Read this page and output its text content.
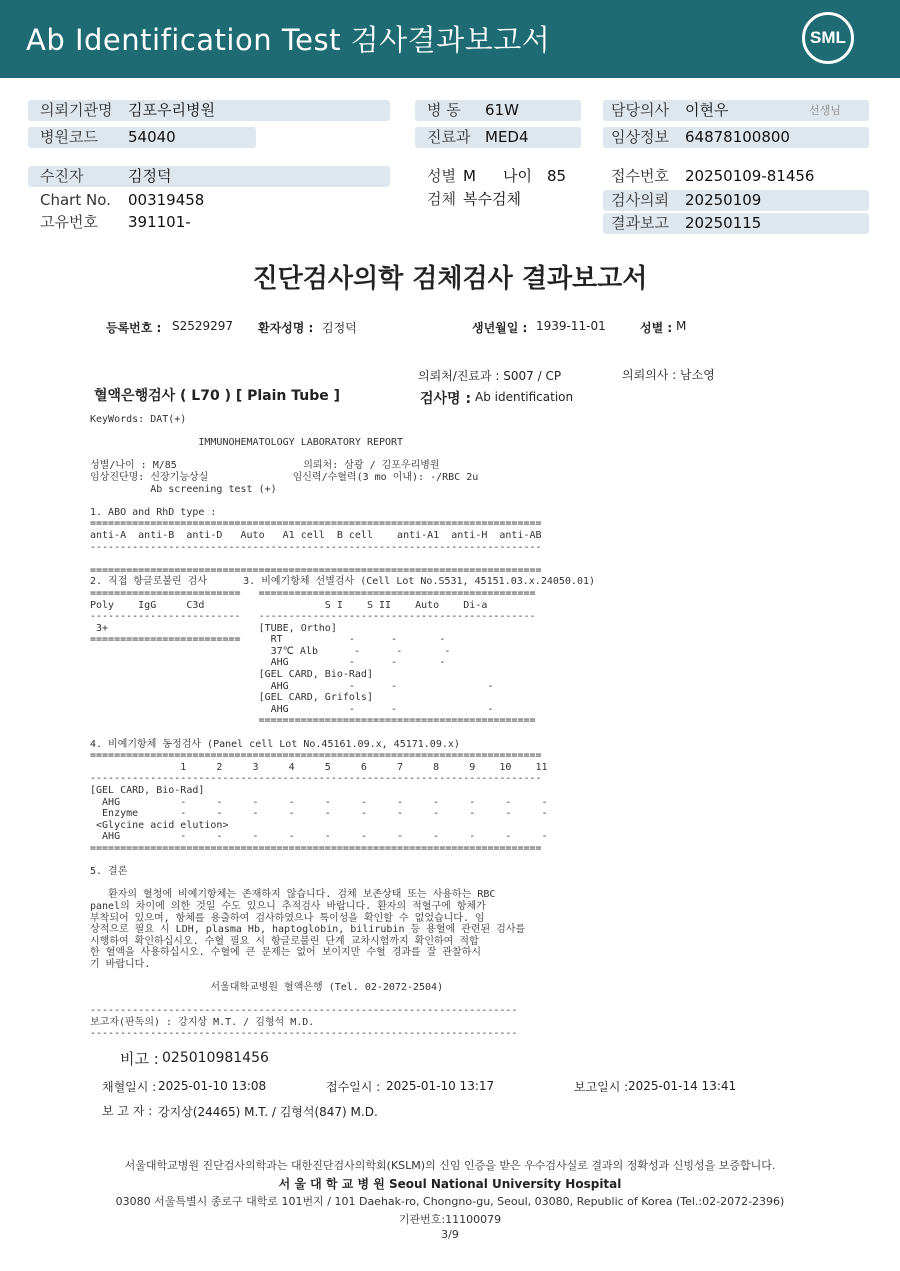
Ab Identification Test 검사결과보고서	SML
의뢰기관명 김포우리병원
병원코드 54040
병 동 61W
진료과 MED4
담당의사 이현우	선생님
임상정보 64878100800
수진자	김정덕
Chart No. 00319458
고유번호 391101-
성별 M 나이 85
검체 복수검체
접수번호 20250109-81456
검사의뢰 20250109
결과보고 20250115
진단검사의학 검체검사 결과보고서
등록번호 : S2529297 환자성명 : 김정덕	생년월일 : 1939-11-01	성별 : M
의뢰처/진료과 : S007 / CP	의뢰의사 : 남소영
혈액은행검사 ( L70 ) [ Plain Tube ]	검사명 : Ab identification
KeyWords: DAT(+)

IMMUNOHEMATOLOGY LABORATORY REPORT

성별/나이 : M/85                     의뢰처: 삼광 / 김포우리병원
임상진단명: 신장기능상실              임신력/수혈력(3 mo 이내): -/RBC 2u
Ab screening test (+)

1. ABO and RhD type :
===========================================================================
anti-A  anti-B  anti-D   Auto   A1 cell  B cell    anti-A1  anti-H  anti-AB
---------------------------------------------------------------------------

===========================================================================
2. 직접 항글로불린 검사      3. 비예기항체 선별검사 (Cell Lot No.S531, 45151.03.x.24050.01)
=========================   ==============================================
Poly    IgG     C3d                    S I    S II    Auto    Di-a
-------------------------   ----------------------------------------------
3+                         [TUBE, Ortho]
=========================     RT           -      -       -
37℃ Alb      -      -       -
AHG          -      -       -
[GEL CARD, Bio-Rad]
AHG          -      -               -
[GEL CARD, Grifols]
AHG          -      -               -
==============================================

4. 비예기항체 동정검사 (Panel cell Lot No.45161.09.x, 45171.09.x)
===========================================================================
1     2     3     4     5     6     7     8     9    10    11
---------------------------------------------------------------------------
[GEL CARD, Bio-Rad]
AHG          -     -     -     -     -     -     -     -     -     -     -
Enzyme       -     -     -     -     -     -     -     -     -     -     -
<Glycine acid elution>
AHG          -     -     -     -     -     -     -     -     -     -     -
===========================================================================

5. 결론

환자의 혈청에 비예기항체는 존재하지 않습니다. 검체 보존상태 또는 사용하는 RBC
panel의 차이에 의한 것일 수도 있으니 추적검사 바랍니다. 환자의 적혈구에 항체가
부착되어 있으며, 항체를 용출하여 검사하였으나 특이성을 확인할 수 없었습니다. 임
상적으로 필요 시 LDH, plasma Hb, haptoglobin, bilirubin 등 용혈에 관련된 검사를
시행하여 확인하십시오. 수혈 필요 시 항글로불린 단계 교차시험까지 확인하여 적합
한 혈액을 사용하십시오. 수혈에 큰 문제는 없어 보이지만 수혈 경과를 잘 관찰하시
기 바랍니다.

서울대학교병원 혈액은행 (Tel. 02-2072-2504)

-----------------------------------------------------------------------
보고자(판독의) : 강지상 M.T. / 김형석 M.D.
-----------------------------------------------------------------------
비고 : 025010981456
채혈일시 : 2025-01-10 13:08	접수일시 : 2025-01-10 13:17	보고일시 : 2025-01-14 13:41
보 고 자 : 강지상(24465) M.T. / 김형석(847) M.D.
서울대학교병원 진단검사의학과는 대한진단검사의학회(KSLM)의 신임 인증을 받은 우수검사실로 결과의 정확성과 신빙성을 보증합니다.
서 울 대 학 교 병 원 Seoul National University Hospital
03080 서울특별시 종로구 대학로 101번지 / 101 Daehak-ro, Chongno-gu, Seoul, 03080, Republic of Korea (Tel.:02-2072-2396)
기관번호:11100079
3/9
